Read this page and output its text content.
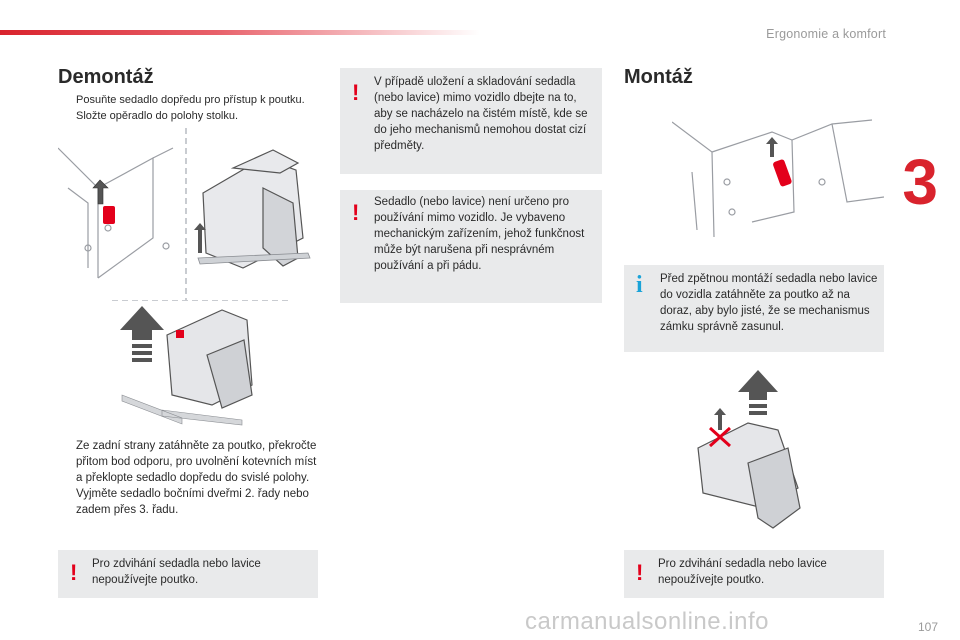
Ergonomie a komfort
3
Demontáž
Posuňte sedadlo dopředu pro přístup k poutku.
Složte opěradlo do polohy stolku.
Ze zadní strany zatáhněte za poutko, překročte přitom bod odporu, pro uvolnění kotevních míst a překlopte sedadlo dopředu do svislé polohy.
Vyjměte sedadlo bočními dveřmi 2. řady nebo zadem přes 3. řadu.
! Pro zdvihání sedadla nebo lavice nepoužívejte poutko.
! V případě uložení a skladování sedadla (nebo lavice) mimo vozidlo dbejte na to, aby se nacházelo na čistém místě, kde se do jeho mechanismů nemohou dostat cizí předměty.
! Sedadlo (nebo lavice) není určeno pro používání mimo vozidlo. Je vybaveno mechanickým zařízením, jehož funkčnost může být narušena při nesprávném používání a při pádu.
Montáž
i Před zpětnou montáží sedadla nebo lavice do vozidla zatáhněte za poutko až na doraz, aby bylo jisté, že se mechanismus zámku správně zasunul.
! Pro zdvihání sedadla nebo lavice nepoužívejte poutko.
carmanualsonline.info	107
